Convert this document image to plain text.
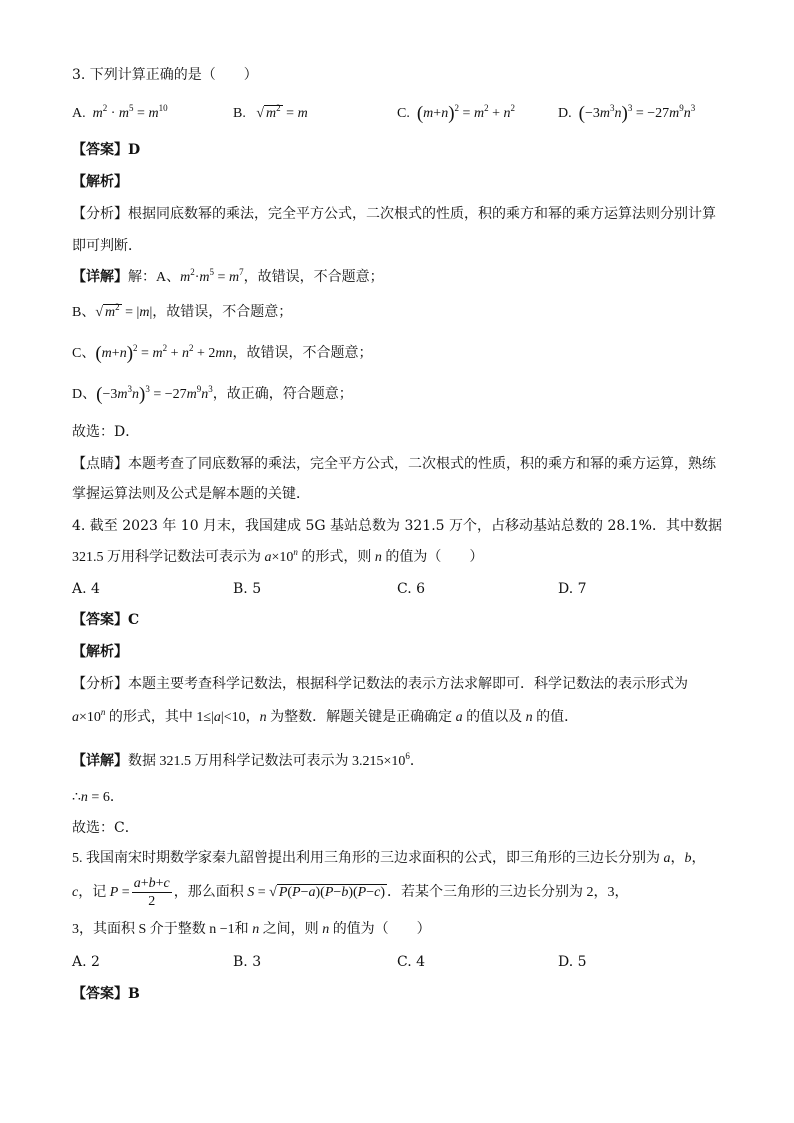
3. 下列计算正确的是（　　）
A.  $m^2 \cdot m^5 = m^{10}$	B.   √ $m^2 = m$	C.  $(m+n)^2 = m^2 + n^2$	D.  $(-3m^3n)^3 = -27m^9n^3$
【答案】D
【解析】
【分析】根据同底数幂的乘法，完全平方公式，二次根式的性质，积的乘方和幂的乘方运算法则分别计算
即可判断．
【详解】解：A、$m^2\cdot m^5 = m^7$，故错误，不合题意；
B、√ $m^2 = |m|$，故错误，不合题意；
C、$(m+n)^2 = m^2 + n^2 + 2mn$，故错误，不合题意；
D、$(-3m^3n)^3 = -27m^9n^3$，故正确，符合题意；
故选：D．
【点睛】本题考查了同底数幂的乘法，完全平方公式，二次根式的性质，积的乘方和幂的乘方运算，熟练
掌握运算法则及公式是解本题的关键．
4. 截至 2023 年 10 月末，我国建成 5G 基站总数为 321.5 万个，占移动基站总数的 28.1%．其中数据
321.5 万用科学记数法可表示为 $a\times 10^n$ 的形式，则 n 的值为（　　）
A. 4	B. 5	C. 6	D. 7
【答案】C
【解析】
【分析】本题主要考查科学记数法，根据科学记数法的表示方法求解即可．科学记数法的表示形式为
$a\times 10^n$ 的形式，其中 1≤|a|<10，n 为整数．解题关键是正确确定 a 的值以及 n 的值．
【详解】数据 321.5 万用科学记数法可表示为 $3.215\times 10^6$．
∴n = 6．
故选：C．
5. 我国南宋时期数学家秦九韶曾提出利用三角形的三边求面积的公式，即三角形的三边长分别为 a，b，
c，记 $P = \frac{a+b+c}{2}$ ，那么面积 S = √ P(P−a)(P−b)(P−c) ．若某个三角形的三边长分别为 2，3，
3，其面积 S 介于整数 n −1和 n 之间，则 n 的值为（　　）
A. 2	B. 3	C. 4	D. 5
【答案】B
